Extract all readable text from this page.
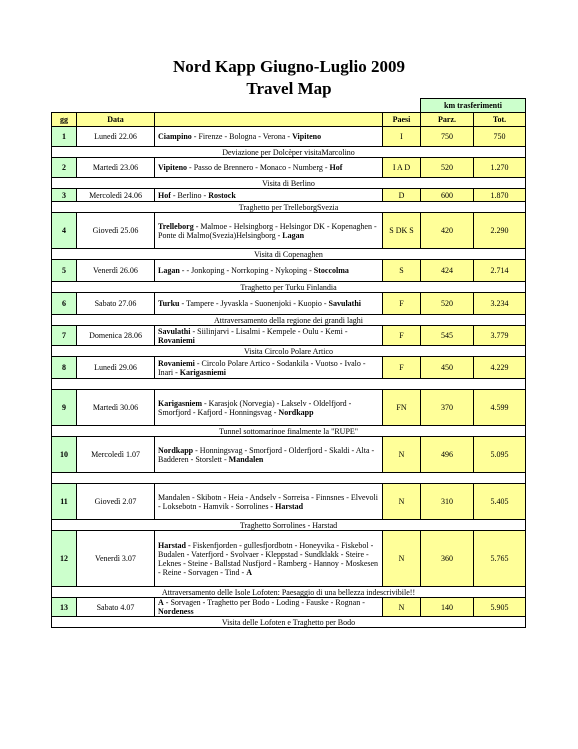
Nord Kapp Giugno-Luglio 2009
Travel Map
				km trasferimenti	
gg	Data		Paesi	Parz.	Tot.
1	Lunedì 22.06	Ciampino - Firenze - Bologna - Verona - Vipiteno	I	750	750
Deviazione per Dolcèper visitaMarcolino					
2	Martedì 23.06	Vipiteno - Passo de Brennero - Monaco - Numberg - Hof	I A D	520	1.270
Visita di Berlino					
3	Mercoledì 24.06	Hof - Berlino - Rostock	D	600	1.870
Traghetto per TrelleborgSvezia					
4	Giovedì 25.06	Trelleborg - Malmoe - Helsingborg - Helsingor DK - Kopenaghen - Ponte di Malmo(Svezia)Helsingborg - Lagan	S DK S	420	2.290
Visita di Copenaghen					
5	Venerdì 26.06	Lagan - - Jonkoping - Norrkoping - Nykoping - Stoccolma	S	424	2.714
Traghetto per Turku Finlandia					
6	Sabato 27.06	Turku - Tampere - Jyvaskla - Suonenjoki - Kuopio - Savulathi	F	520	3.234
Attraversamento della regione dei grandi laghi					
7	Domenica 28.06	Savulathi - Siilinjarvi - Lisalmi - Kempele - Oulu - Kemi - Rovaniemi	F	545	3.779
Visita Circolo Polare Artico					
8	Lunedì 29.06	Rovaniemi - Circolo Polare Artico - Sodankila - Vuotso - Ivalo - Inari - Karigasniemi	F	450	4.229

9	Martedì 30.06	Karigasniem - Karasjok (Norvegia) - Lakselv - Oldelfjord - Smorfjord - Kafjord - Honningsvag - Nordkapp	FN	370	4.599
Tunnel sottomarinoe finalmente la "RUPE"					
10	Mercoledì 1.07	Nordkapp - Honningsvag - Smorfjord - Olderfjord - Skaldi - Alta - Badderen - Storslett - Mandalen	N	496	5.095

11	Giovedì 2.07	Mandalen - Skibotn - Heia - Andselv - Sorreisa - Finnsnes - Elvevoli - Loksebotn - Hamvik - Sorrolines - Harstad	N	310	5.405
Traghetto Sorrolines - Harstad					
12	Venerdì 3.07	Harstad - Fiskenfjorden - gullesfjordbotn - Honeyvika - Fiskebol - Budalen - Vaterfjord - Svolvaer - Kleppstad - Sundklakk - Steire - Leknes - Steine - Ballstad Nusfjord - Ramberg - Hannoy - Moskesen - Reine - Sorvagen - Tind - A	N	360	5.765
Attraversamento delle Isole Lofoten: Paesaggio di una bellezza indescrivibile!!					
13	Sabato 4.07	A - Sorvagen - Traghetto per Bodo - Loding - Fauske - Rognan - Nordeness	N	140	5.905
Visita delle Lofoten e Traghetto per Bodo					
